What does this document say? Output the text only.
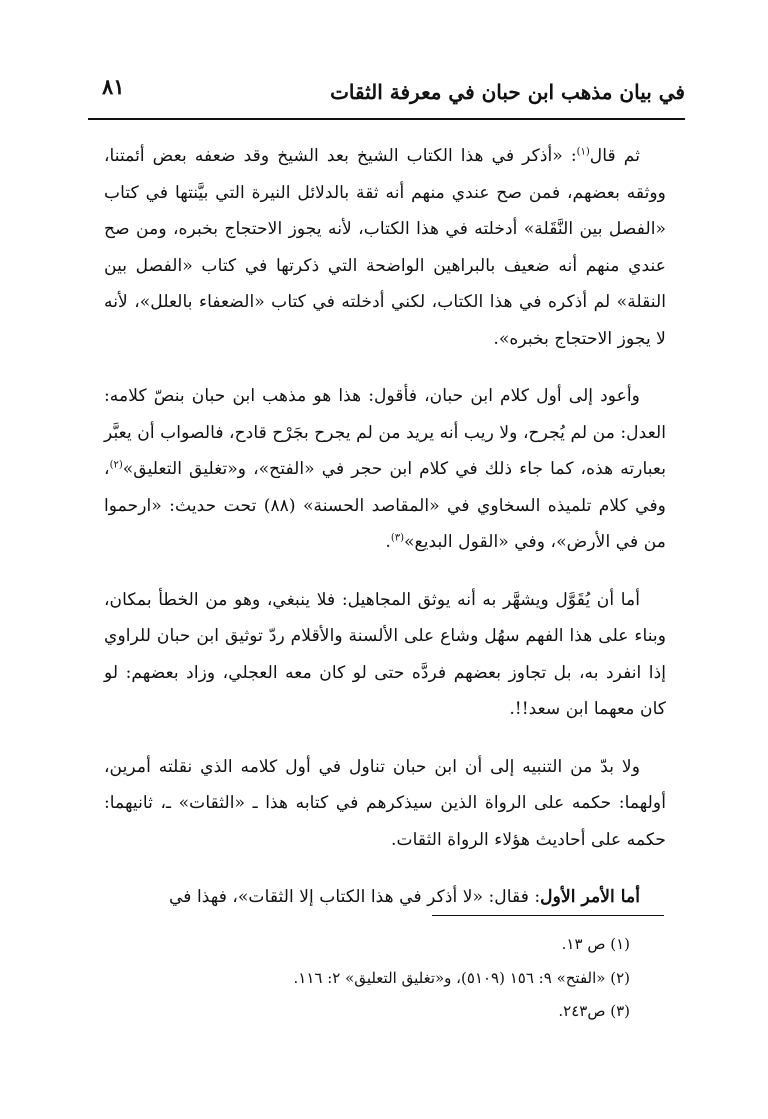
في بيان مذهب ابن حبان في معرفة الثقات
٨١

ثم قال$^{(١)}$: «أذكر في هذا الكتاب الشيخ بعد الشيخ وقد ضعفه بعض أئمتنا، ووثقه بعضهم، فمن صح عندي منهم أنه ثقة بالدلائل النيرة التي بيَّنتها في كتاب «الفصل بين النَّقَلة» أدخلته في هذا الكتاب، لأنه يجوز الاحتجاج بخبره، ومن صح عندي منهم أنه ضعيف بالبراهين الواضحة التي ذكرتها في كتاب «الفصل بين النقلة» لم أذكره في هذا الكتاب، لكني أدخلته في كتاب «الضعفاء بالعلل»، لأنه لا يجوز الاحتجاج بخبره».

وأعود إلى أول كلام ابن حبان، فأقول: هذا هو مذهب ابن حبان بنصّ كلامه: العدل: من لم يُجرح، ولا ريب أنه يريد من لم يجرح بجَرْح قادح، فالصواب أن يعبَّر بعبارته هذه، كما جاء ذلك في كلام ابن حجر في «الفتح»، و«تغليق التعليق»$^{(٢)}$، وفي كلام تلميذه السخاوي في «المقاصد الحسنة» (٨٨) تحت حديث: «ارحموا من في الأرض»، وفي «القول البديع»$^{(٣)}$.

أما أن يُقَوَّل ويشهَّر به أنه يوثق المجاهيل: فلا ينبغي، وهو من الخطأ بمكان، وبناء على هذا الفهم سهُل وشاع على الألسنة والأقلام ردّ توثيق ابن حبان للراوي إذا انفرد به، بل تجاوز بعضهم فردَّه حتى لو كان معه العجلي، وزاد بعضهم: لو كان معهما ابن سعد!!.

ولا بدّ من التنبيه إلى أن ابن حبان تناول في أول كلامه الذي نقلته أمرين، أولهما: حكمه على الرواة الذين سيذكرهم في كتابه هذا ـ «الثقات» ـ، ثانيهما: حكمه على أحاديث هؤلاء الرواة الثقات.

أما الأمر الأول: فقال: «لا أذكر في هذا الكتاب إلا الثقات»، فهذا في

(١) ص ١٣.
(٢) «الفتح» ٩: ١٥٦ (٥١٠٩)، و«تغليق التعليق» ٢: ١١٦.
(٣) ص٢٤٣.
